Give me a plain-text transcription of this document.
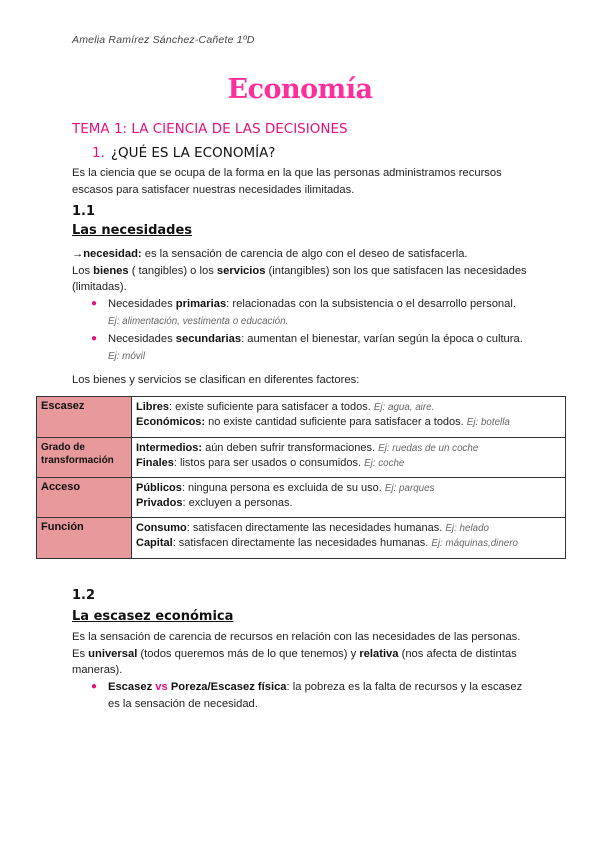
Amelia Ramírez Sánchez-Cañete 1ºD
Economía
TEMA 1: LA CIENCIA DE LAS DECISIONES
1. ¿QUÉ ES LA ECONOMÍA?
Es la ciencia que se ocupa de la forma en la que las personas administramos recursos escasos para satisfacer nuestras necesidades ilimitadas.
1.1
Las necesidades
→necesidad: es la sensación de carencia de algo con el deseo de satisfacerla.
Los bienes ( tangibles) o los servicios (intangibles) son los que satisfacen las necesidades (limitadas).
● Necesidades primarias: relacionadas con la subsistencia o el desarrollo personal. Ej: alimentación, vestimenta o educación.
● Necesidades secundarias: aumentan el bienestar, varían según la época o cultura. Ej: móvil
Los bienes y servicios se clasifican en diferentes factores:
Escasez	Libres: existe suficiente para satisfacer a todos. Ej: agua, aire.
Económicos: no existe cantidad suficiente para satisfacer a todos. Ej: botella
Grado de transformación	Intermedios: aún deben sufrir transformaciones. Ej: ruedas de un coche
Finales: listos para ser usados o consumidos. Ej: coche
Acceso	Públicos: ninguna persona es excluida de su uso. Ej: parques
Privados: excluyen a personas.
Función	Consumo: satisfacen directamente las necesidades humanas. Ej: helado
Capital: satisfacen directamente las necesidades humanas. Ej: máquinas,dinero
1.2
La escasez económica
Es la sensación de carencia de recursos en relación con las necesidades de las personas. Es universal (todos queremos más de lo que tenemos) y relativa (nos afecta de distintas maneras).
● Escasez vs Poreza/Escasez física: la pobreza es la falta de recursos y la escasez es la sensación de necesidad.
